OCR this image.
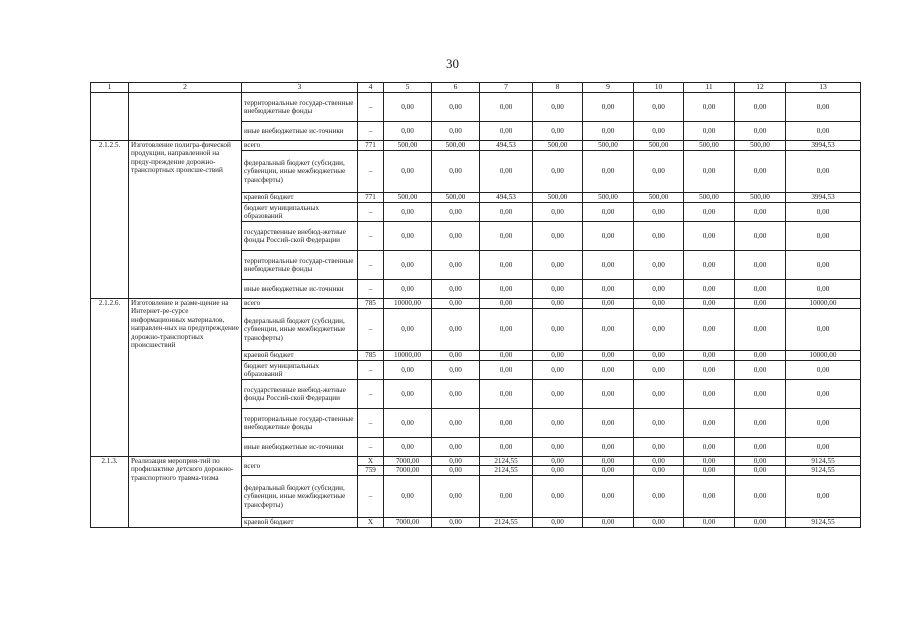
30
1	2	3	4	5	6	7	8	9	10	11	12	13
		территориальные государ-ственные внебюджетные фонды	–	0,00	0,00	0,00	0,00	0,00	0,00	0,00	0,00	0,00
		иные внебюджетные ис-точники	–	0,00	0,00	0,00	0,00	0,00	0,00	0,00	0,00	0,00
2.1.2.5.	Изготовление полигра-фической продукции, направленной на преду-преждение дорожно-транспортных происше-ствий	всего	771	500,00	500,00	494,53	500,00	500,00	500,00	500,00	500,00	3994,53
		федеральный бюджет (субсидии, субвенции, иные межбюджетные трансферты)	–	0,00	0,00	0,00	0,00	0,00	0,00	0,00	0,00	0,00
		краевой бюджет	771	500,00	500,00	494,53	500,00	500,00	500,00	500,00	500,00	3994,53
		бюджет муниципальных образований	–	0,00	0,00	0,00	0,00	0,00	0,00	0,00	0,00	0,00
		государственные внебюд-жетные фонды Россий-ской Федерации	–	0,00	0,00	0,00	0,00	0,00	0,00	0,00	0,00	0,00
		территориальные государ-ственные внебюджетные фонды	–	0,00	0,00	0,00	0,00	0,00	0,00	0,00	0,00	0,00
		иные внебюджетные ис-точники	–	0,00	0,00	0,00	0,00	0,00	0,00	0,00	0,00	0,00
2.1.2.6.	Изготовление и разме-щение на Интернет-ре-сурсе информационных материалов, направлен-ных на предупреждение дорожно-транспортных происшествий	всего	785	10000,00	0,00	0,00	0,00	0,00	0,00	0,00	0,00	10000,00
		федеральный бюджет (субсидии, субвенции, иные межбюджетные трансферты)	–	0,00	0,00	0,00	0,00	0,00	0,00	0,00	0,00	0,00
		краевой бюджет	785	10000,00	0,00	0,00	0,00	0,00	0,00	0,00	0,00	10000,00
		бюджет муниципальных образований	–	0,00	0,00	0,00	0,00	0,00	0,00	0,00	0,00	0,00
		государственные внебюд-жетные фонды Россий-ской Федерации	–	0,00	0,00	0,00	0,00	0,00	0,00	0,00	0,00	0,00
		территориальные государ-ственные внебюджетные фонды	–	0,00	0,00	0,00	0,00	0,00	0,00	0,00	0,00	0,00
		иные внебюджетные ис-точники	–	0,00	0,00	0,00	0,00	0,00	0,00	0,00	0,00	0,00
2.1.3.	Реализация мероприя-тий по профилактике детского дорожно-транспортного травма-тизма	всего	X	7000,00	0,00	2124,55	0,00	0,00	0,00	0,00	0,00	9124,55
			759	7000,00	0,00	2124,55	0,00	0,00	0,00	0,00	0,00	9124,55
		федеральный бюджет (субсидии, субвенции, иные межбюджетные трансферты)	–	0,00	0,00	0,00	0,00	0,00	0,00	0,00	0,00	0,00
		краевой бюджет	X	7000,00	0,00	2124,55	0,00	0,00	0,00	0,00	0,00	9124,55
